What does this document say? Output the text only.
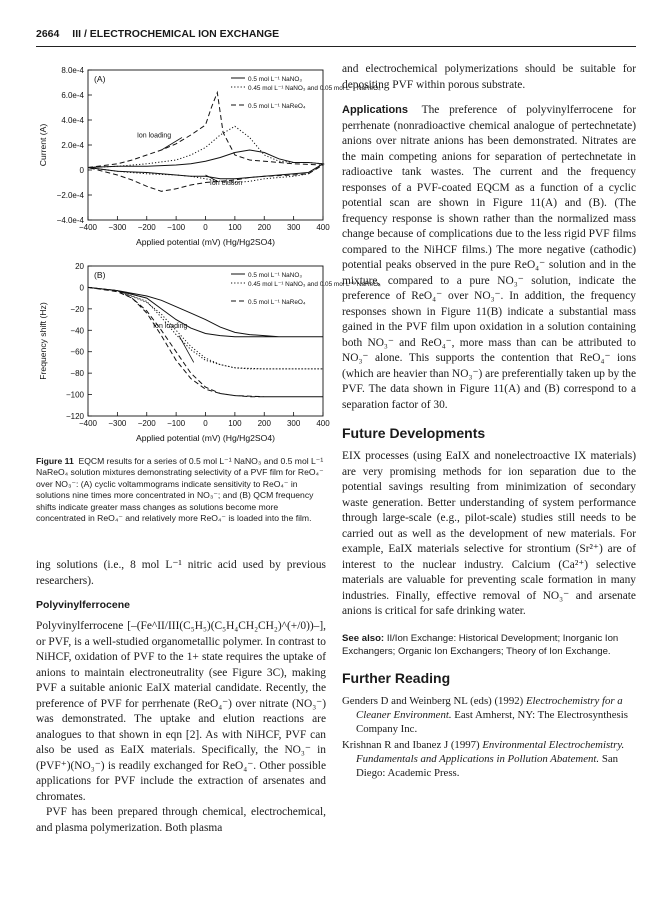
2664 III / ELECTROCHEMICAL ION EXCHANGE
−400 −300 −200 −100 0	100 200 300 400
8.0e-4
6.0e-4
4.0e-4
2.0e-4
0
−2.0e-4
−4.0e-4
Applied potential (mV) (Hg/Hg2SO4)
Current (A)
(A)	0.5 mol L⁻¹ NaNO₃
0.45 mol L⁻¹ NaNO₃ and 0.05 mol L⁻¹ NaReO₄
0.5 mol L⁻¹ NaReO₄
Ion loading
Ion elution
−400 −300 −200 −100 0	100 200 300 400
20
0
−20
−40
−60
−80
−100
−120
Applied potential (mV) (Hg/Hg2SO4)
Frequency shift (Hz)
(B)	0.5 mol L⁻¹ NaNO₃
0.45 mol L⁻¹ NaNO₃ and 0.05 mol L⁻¹ NaReO₄
0.5 mol L⁻¹ NaReO₄
Ion loading
Figure 11 EQCM results for a series of 0.5 mol L⁻¹ NaNO₃ and 0.5 mol L⁻¹ NaReO₄ solution mixtures demonstrating selectivity of a PVF film for ReO₄⁻ over NO₃⁻: (A) cyclic voltammograms indicate sensitivity to ReO₄⁻ in solutions nine times more concentrated in NO₃⁻; and (B) QCM frequency shifts indicate greater mass changes as solutions become more concentrated in ReO₄⁻ and relatively more ReO₄⁻ is loaded into the film.

ing solutions (i.e., 8 mol L⁻¹ nitric acid used by previous researchers).

Polyvinylferrocene

Polyvinylferrocene [–(Fe^II/III(C₅H₅)(C₅H₄CH₂CH₂)^(+/0))–], or PVF, is a well-studied organometallic polymer. In contrast to NiHCF, oxidation of PVF to the 1+ state requires the uptake of anions to maintain electroneutrality (see Figure 3C), making PVF a suitable anionic EaIX material candidate. Recently, the preference of PVF for perrhenate (ReO₄⁻) over nitrate (NO₃⁻) was demonstrated. The uptake and elution reactions are analogues to that shown in eqn [2]. As with NiHCF, PVF can also be used as EaIX materials. Specifically, the NO₃⁻ in (PVF⁺)(NO₃⁻) is readily exchanged for ReO₄⁻. Other possible applications for PVF include the extraction of arsenates and chromates.

PVF has been prepared through chemical, electrochemical, and plasma polymerization. Both plasma

and electrochemical polymerizations should be suitable for depositing PVF within porous substrate.

Applications The preference of polyvinylferrocene for perrhenate (nonradioactive chemical analogue of pertechnetate) anions over nitrate anions has been demonstrated. Nitrates are the main competing anions for separation of pertechnetate in radioactive tank wastes. The current and the frequency responses of a PVF-coated EQCM as a function of a cyclic potential scan are shown in Figure 11(A) and (B). (The frequency response is shown rather than the normalized mass change because of complications due to the less rigid PVF films compared to the NiHCF films.) The more negative (cathodic) potential peaks observed in the pure ReO₄⁻ solution and in the mixture, compared to a pure NO₃⁻ solution, indicate the preference of ReO₄⁻ over NO₃⁻. In addition, the frequency responses shown in Figure 11(B) indicate a substantial mass gained in the PVF film upon oxidation in a solution containing both NO₃⁻ and ReO₄⁻, more mass than can be attributed to NO₃⁻ alone. This supports the contention that ReO₄⁻ ions (which are heavier than NO₃⁻) are preferentially taken up by the PVF. The data shown in Figure 11(A) and (B) correspond to a separation factor of 30.

Future Developments

EIX processes (using EaIX and nonelectroactive IX materials) are very promising methods for ion separation due to the potential savings resulting from minimization of secondary waste generation. Better understanding of system performance through large-scale (e.g., pilot-scale) studies still needs to be carried out as well as the development of new materials. For example, EaIX materials selective for strontium (Sr²⁺) are of interest to the nuclear industry. Calcium (Ca²⁺) selective materials are valuable for preventing scale formation in many industries. Finally, effective removal of NO₃⁻ and arsenate anions is critical for safe drinking water.

See also: II/Ion Exchange: Historical Development; Inorganic Ion Exchangers; Organic Ion Exchangers; Theory of Ion Exchange.
Further Reading

Genders D and Weinberg NL (eds) (1992) Electrochemistry for a Cleaner Environment. East Amherst, NY: The Electrosynthesis Company Inc.

Krishnan R and Ibanez J (1997) Environmental Electrochemistry. Fundamentals and Applications in Pollution Abatement. San Diego: Academic Press.
